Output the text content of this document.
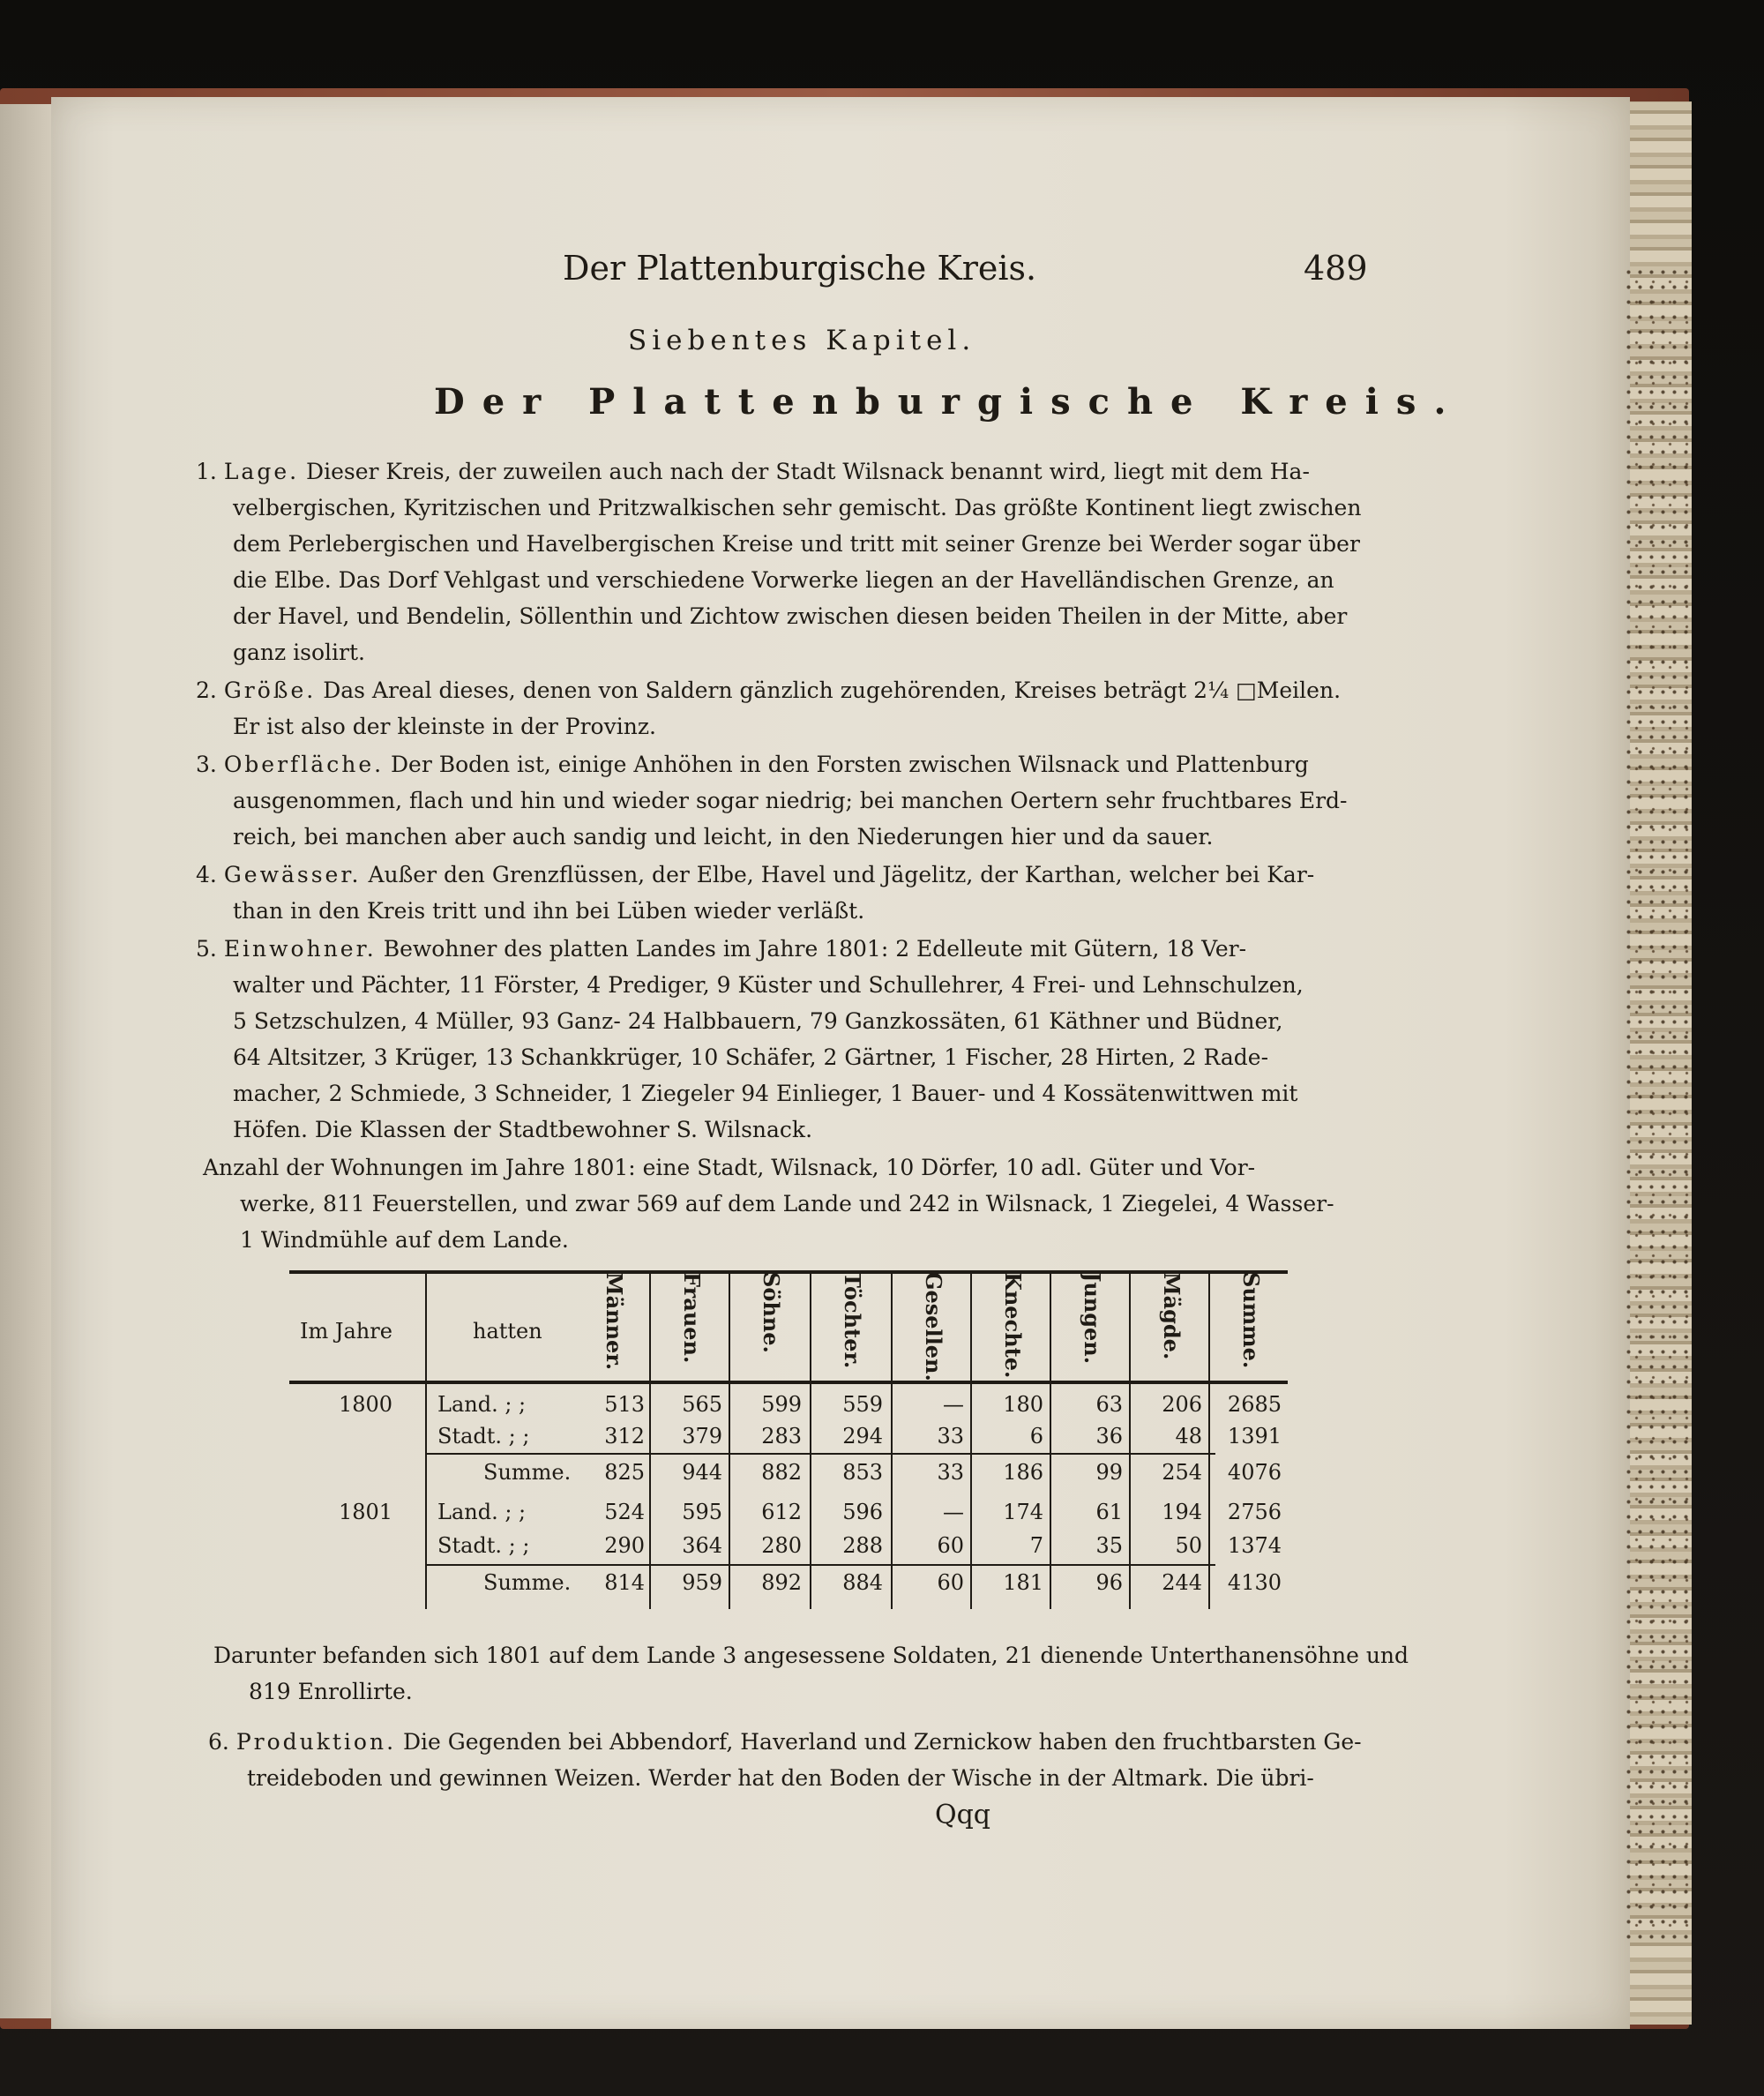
Der Plattenburgische Kreis.	489
Siebentes Kapitel.
Der Plattenburgische Kreis.
1. Lage. Dieser Kreis, der zuweilen auch nach der Stadt Wilsnack benannt wird, liegt mit dem Ha-
velbergischen, Kyritzischen und Pritzwalkischen sehr gemischt. Das größte Kontinent liegt zwischen
dem Perlebergischen und Havelbergischen Kreise und tritt mit seiner Grenze bei Werder sogar über
die Elbe. Das Dorf Vehlgast und verschiedene Vorwerke liegen an der Havelländischen Grenze, an
der Havel, und Bendelin, Söllenthin und Zichtow zwischen diesen beiden Theilen in der Mitte, aber
ganz isolirt.
2. Größe. Das Areal dieses, denen von Saldern gänzlich zugehörenden, Kreises beträgt 2¼ □Meilen.
Er ist also der kleinste in der Provinz.
3. Oberfläche. Der Boden ist, einige Anhöhen in den Forsten zwischen Wilsnack und Plattenburg
ausgenommen, flach und hin und wieder sogar niedrig; bei manchen Oertern sehr fruchtbares Erd-
reich, bei manchen aber auch sandig und leicht, in den Niederungen hier und da sauer.
4. Gewässer. Außer den Grenzflüssen, der Elbe, Havel und Jägelitz, der Karthan, welcher bei Kar-
than in den Kreis tritt und ihn bei Lüben wieder verläßt.
5. Einwohner. Bewohner des platten Landes im Jahre 1801: 2 Edelleute mit Gütern, 18 Ver-
walter und Pächter, 11 Förster, 4 Prediger, 9 Küster und Schullehrer, 4 Frei- und Lehnschulzen,
5 Setzschulzen, 4 Müller, 93 Ganz- 24 Halbbauern, 79 Ganzkossäten, 61 Käthner und Büdner,
64 Altsitzer, 3 Krüger, 13 Schankkrüger, 10 Schäfer, 2 Gärtner, 1 Fischer, 28 Hirten, 2 Rade-
macher, 2 Schmiede, 3 Schneider, 1 Ziegeler 94 Einlieger, 1 Bauer- und 4 Kossätenwittwen mit
Höfen. Die Klassen der Stadtbewohner S. Wilsnack.
Anzahl der Wohnungen im Jahre 1801: eine Stadt, Wilsnack, 10 Dörfer, 10 adl. Güter und Vor-
werke, 811 Feuerstellen, und zwar 569 auf dem Lande und 242 in Wilsnack, 1 Ziegelei, 4 Wasser-
1 Windmühle auf dem Lande.
Im Jahre	hatten	Männer. Frauen.	Söhne.	Töchter.	Gesellen.	Knechte.	Jungen.	Mägde.	Summe.
1800 Land. ; ;	513	565	599	559	—	180	63	206	2685
Stadt. ; ;	312	379	283	294	33	6	36	48	1391
Summe.	825	944	882	853	33	186	99	254	4076
1801 Land. ; ;	524	595	612	596	—	174	61	194	2756
Stadt. ; ;	290	364	280	288	60	7	35	50	1374
Summe.	814	959	892	884	60	181	96	244	4130
Darunter befanden sich 1801 auf dem Lande 3 angesessene Soldaten, 21 dienende Unterthanensöhne und
819 Enrollirte.
6. Produktion. Die Gegenden bei Abbendorf, Haverland und Zernickow haben den fruchtbarsten Ge-
treideboden und gewinnen Weizen. Werder hat den Boden der Wische in der Altmark. Die übri-
Qqq
